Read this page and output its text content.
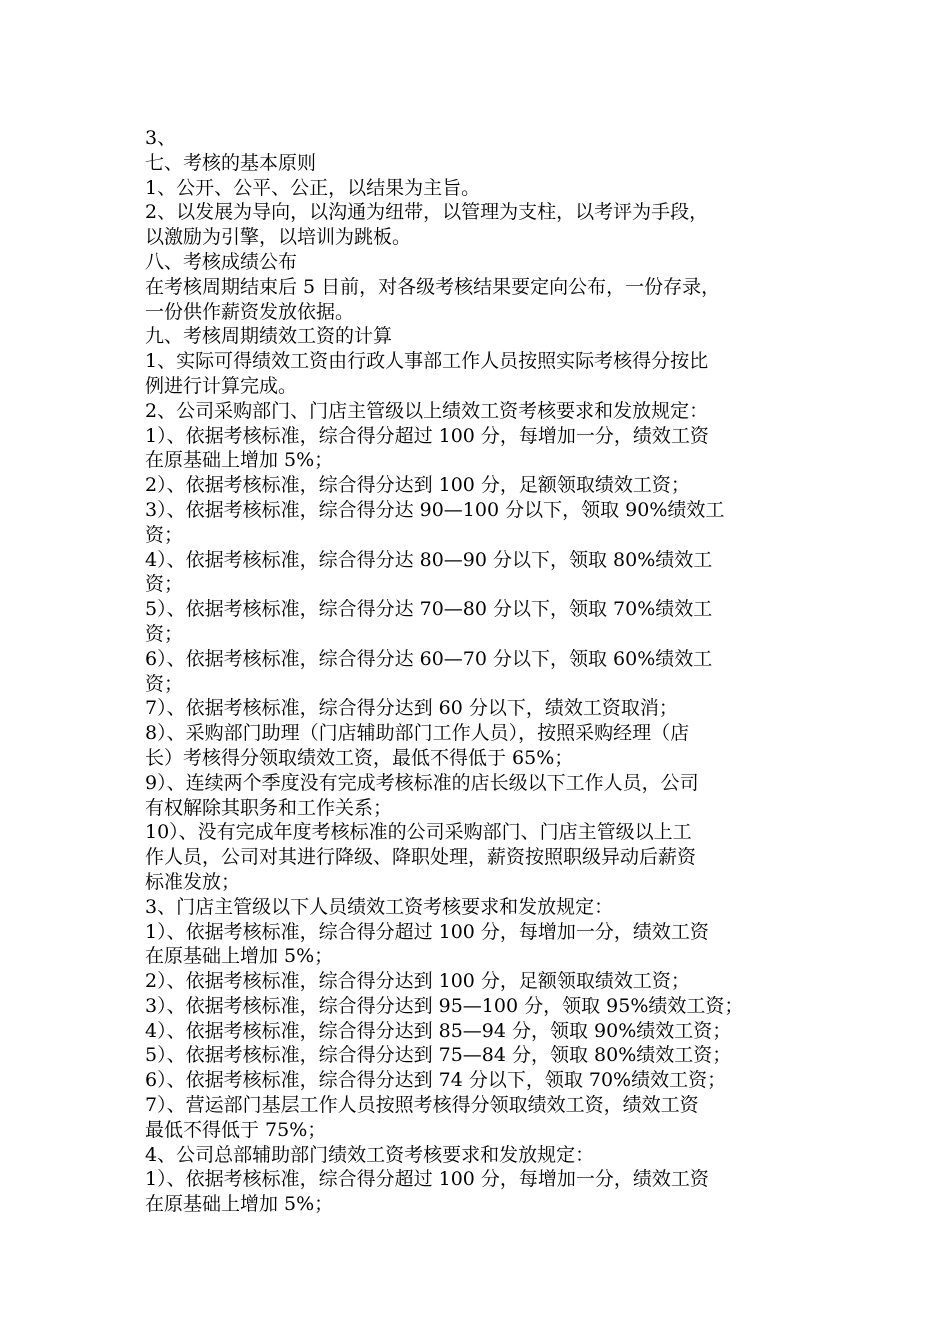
3、
七、考核的基本原则
1、公开、公平、公正，以结果为主旨。
2、以发展为导向，以沟通为纽带，以管理为支柱，以考评为手段，
以激励为引擎，以培训为跳板。
八、考核成绩公布
在考核周期结束后 5 日前，对各级考核结果要定向公布，一份存录，
一份供作薪资发放依据。
九、考核周期绩效工资的计算
1、实际可得绩效工资由行政人事部工作人员按照实际考核得分按比
例进行计算完成。
2、公司采购部门、门店主管级以上绩效工资考核要求和发放规定：
1）、依据考核标准，综合得分超过 100 分，每增加一分，绩效工资
在原基础上增加 5%；
2）、依据考核标准，综合得分达到 100 分，足额领取绩效工资；
3）、依据考核标准，综合得分达 90—100 分以下，领取 90%绩效工
资；
4）、依据考核标准，综合得分达 80—90 分以下，领取 80%绩效工
资；
5）、依据考核标准，综合得分达 70—80 分以下，领取 70%绩效工
资；
6）、依据考核标准，综合得分达 60—70 分以下，领取 60%绩效工
资；
7）、依据考核标准，综合得分达到 60 分以下，绩效工资取消；
8）、采购部门助理（门店辅助部门工作人员），按照采购经理（店
长）考核得分领取绩效工资，最低不得低于 65%；
9）、连续两个季度没有完成考核标准的店长级以下工作人员，公司
有权解除其职务和工作关系；
10）、没有完成年度考核标准的公司采购部门、门店主管级以上工
作人员，公司对其进行降级、降职处理，薪资按照职级异动后薪资
标准发放；
3、门店主管级以下人员绩效工资考核要求和发放规定：
1）、依据考核标准，综合得分超过 100 分，每增加一分，绩效工资
在原基础上增加 5%；
2）、依据考核标准，综合得分达到 100 分，足额领取绩效工资；
3）、依据考核标准，综合得分达到 95—100 分，领取 95%绩效工资；
4）、依据考核标准，综合得分达到 85—94 分，领取 90%绩效工资；
5）、依据考核标准，综合得分达到 75—84 分，领取 80%绩效工资；
6）、依据考核标准，综合得分达到 74 分以下，领取 70%绩效工资；
7）、营运部门基层工作人员按照考核得分领取绩效工资，绩效工资
最低不得低于 75%；
4、公司总部辅助部门绩效工资考核要求和发放规定：
1）、依据考核标准，综合得分超过 100 分，每增加一分，绩效工资
在原基础上增加 5%；
